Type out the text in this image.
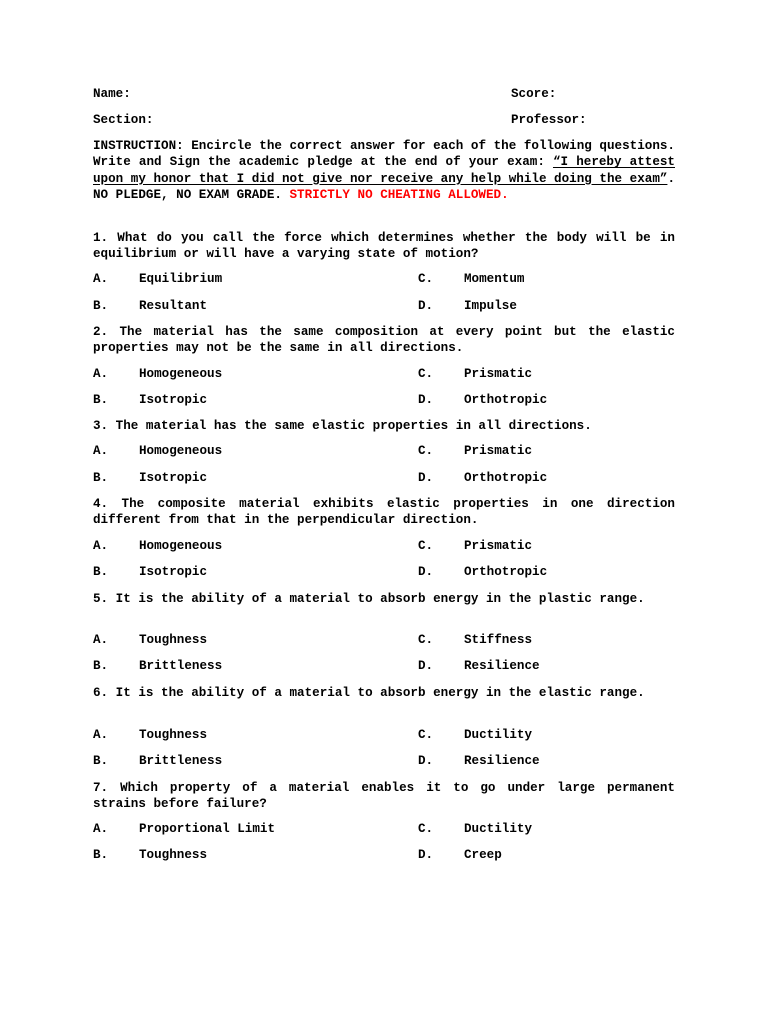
Name:	Score:
Section:	Professor:
INSTRUCTION: Encircle the correct answer for each of the following questions. Write and Sign the academic pledge at the end of your exam: “I hereby attest upon my honor that I did not give nor receive any help while doing the exam”. NO PLEDGE, NO EXAM GRADE. STRICTLY NO CHEATING ALLOWED.
1. What do you call the force which determines whether the body will be in equilibrium or will have a varying state of motion?
A. Equilibrium	C. Momentum
B. Resultant	D. Impulse
2. The material has the same composition at every point but the elastic properties may not be the same in all directions.
A. Homogeneous	C. Prismatic
B. Isotropic	D. Orthotropic
3. The material has the same elastic properties in all directions.
A. Homogeneous	C. Prismatic
B. Isotropic	D. Orthotropic
4. The composite material exhibits elastic properties in one direction different from that in the perpendicular direction.
A. Homogeneous	C. Prismatic
B. Isotropic	D. Orthotropic
5. It is the ability of a material to absorb energy in the plastic range.
A. Toughness	C. Stiffness
B. Brittleness	D. Resilience
6. It is the ability of a material to absorb energy in the elastic range.
A. Toughness	C. Ductility
B. Brittleness	D. Resilience
7. Which property of a material enables it to go under large permanent strains before failure?
A. Proportional Limit	C. Ductility
B. Toughness	D. Creep
